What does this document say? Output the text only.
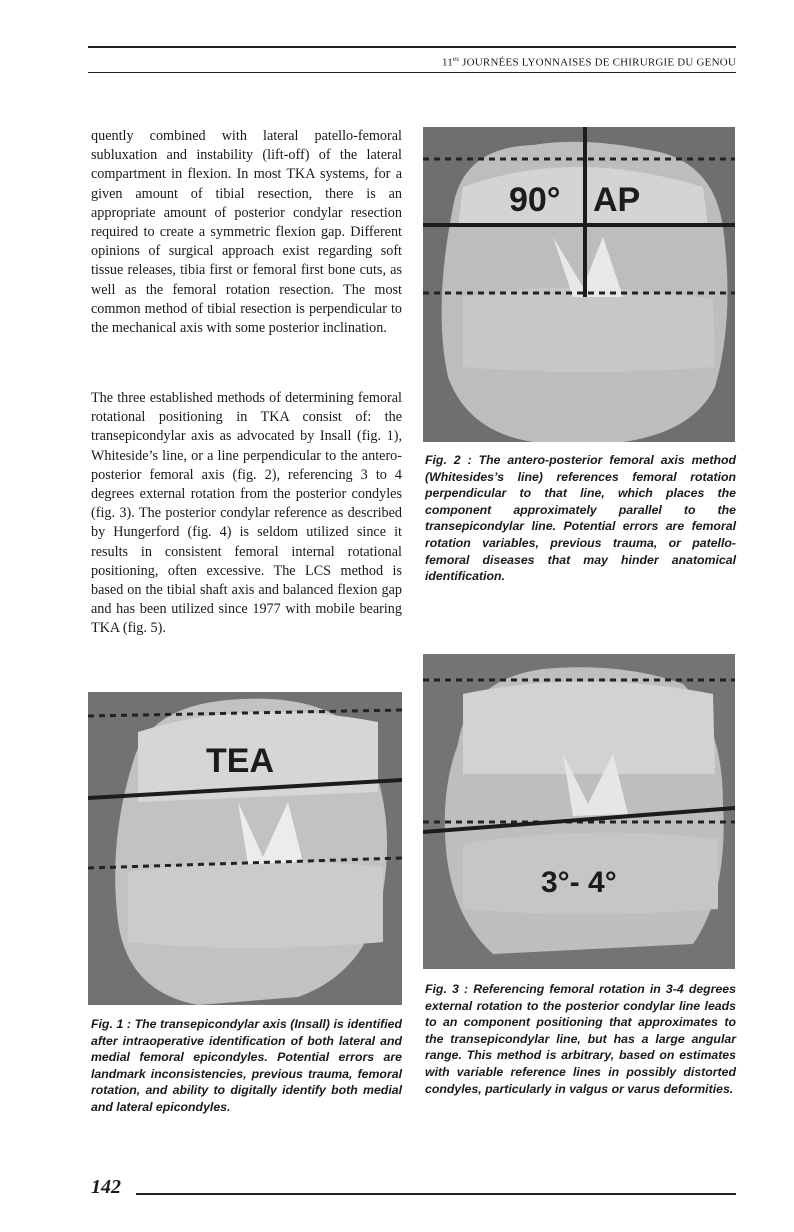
$11^{es}$ JOURNÉES LYONNAISES DE CHIRURGIE DU GENOU

quently combined with lateral patello-femoral subluxation and instability (lift-off) of the lateral compartment in flexion. In most TKA systems, for a given amount of tibial resection, there is an appropriate amount of posterior condylar resection required to create a symmetric flexion gap. Different opinions of surgical approach exist regarding soft tissue releases, tibia first or femoral first bone cuts, as well as the femoral rotation resection. The most common method of tibial resection is perpendicular to the mechanical axis with some posterior inclination.

The three established methods of determining femoral rotational positioning in TKA consist of: the transepicondylar axis as advocated by Insall (fig. 1), Whiteside’s line, or a line perpendicular to the antero-posterior femoral axis (fig. 2), referencing 3 to 4 degrees external rotation from the posterior condyles (fig. 3). The posterior condylar reference as described by Hungerford (fig. 4) is seldom utilized since it results in consistent femoral internal rotational positioning, often excessive. The LCS method is based on the tibial shaft axis and balanced flexion gap and has been utilized since 1977 with mobile bearing TKA (fig. 5).

90° AP

Fig. 2 : The antero-posterior femoral axis method (Whitesides’s line) references femoral rotation perpendicular to that line, which places the component approximately parallel to the transepicondylar line. Potential errors are femoral rotation variables, previous trauma, or patello-femoral diseases that may hinder anatomical identification.

TEA

Fig. 1 : The transepicondylar axis (Insall) is identified after intraoperative identification of both lateral and medial femoral epicondyles. Potential errors are landmark inconsistencies, previous trauma, femoral rotation, and ability to digitally identify both medial and lateral epicondyles.

3°- 4°

Fig. 3 : Referencing femoral rotation in 3-4 degrees external rotation to the posterior condylar line leads to an component positioning that approximates to the transepicondylar line, but has a large angular range. This method is arbitrary, based on estimates with variable reference lines in possibly distorted condyles, particularly in valgus or varus deformities.

142
